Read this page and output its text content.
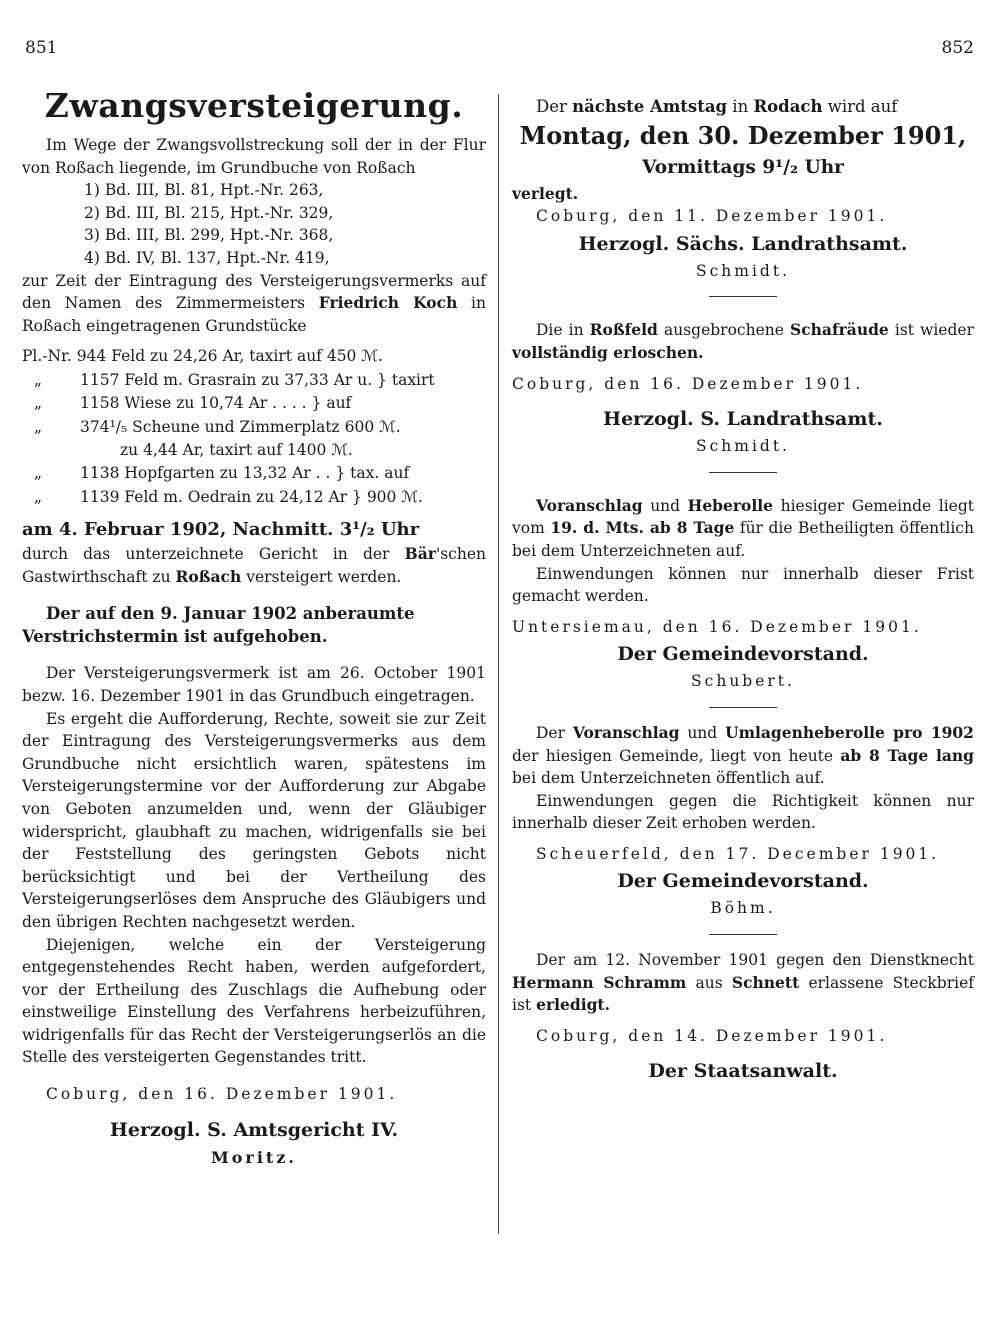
851	852
Zwangsversteigerung.

Im Wege der Zwangsvollstreckung soll der in der Flur von Roßach liegende, im Grundbuche von Roßach

1) Bd. III, Bl. 81, Hpt.-Nr. 263,

2) Bd. III, Bl. 215, Hpt.-Nr. 329,

3) Bd. III, Bl. 299, Hpt.-Nr. 368,

4) Bd. IV, Bl. 137, Hpt.-Nr. 419,

zur Zeit der Eintragung des Versteigerungsvermerks auf den Namen des Zimmermeisters Friedrich Koch in Roßach eingetragenen Grundstücke

Pl.-Nr. 944 Feld zu 24,26 Ar, taxirt auf 450 ℳ.
„	1157 Feld m. Grasrain zu 37,33 Ar u. } taxirt
„	1158 Wiese zu 10,74 Ar . . . . } auf
„	374¹/₅ Scheune und Zimmerplatz 600 ℳ.
zu 4,44 Ar, taxirt auf 1400 ℳ.
„	1138 Hopfgarten zu 13,32 Ar . . } tax. auf
„	1139 Feld m. Oedrain zu 24,12 Ar } 900 ℳ.

am 4. Februar 1902, Nachmitt. 3¹/₂ Uhr

durch das unterzeichnete Gericht in der Bär'schen Gastwirthschaft zu Roßach versteigert werden.

Der auf den 9. Januar 1902 anberaumte Verstrichstermin ist aufgehoben.

Der Versteigerungsvermerk ist am 26. October 1901 bezw. 16. Dezember 1901 in das Grundbuch eingetragen.

Es ergeht die Aufforderung, Rechte, soweit sie zur Zeit der Eintragung des Versteigerungsvermerks aus dem Grundbuche nicht ersichtlich waren, spätestens im Versteigerungstermine vor der Aufforderung zur Abgabe von Geboten anzumelden und, wenn der Gläubiger widerspricht, glaubhaft zu machen, widrigenfalls sie bei der Feststellung des geringsten Gebots nicht berücksichtigt und bei der Vertheilung des Versteigerungserlöses dem Anspruche des Gläubigers und den übrigen Rechten nachgesetzt werden.

Diejenigen, welche ein der Versteigerung entgegenstehendes Recht haben, werden aufgefordert, vor der Ertheilung des Zuschlags die Aufhebung oder einstweilige Einstellung des Verfahrens herbeizuführen, widrigenfalls für das Recht der Versteigerungserlös an die Stelle des versteigerten Gegenstandes tritt.

Coburg, den 16. Dezember 1901.

Herzogl. S. Amtsgericht IV.

Moritz.

Der nächste Amtstag in Rodach wird auf

Montag, den 30. Dezember 1901,

Vormittags 9¹/₂ Uhr

verlegt.

Coburg, den 11. Dezember 1901.

Herzogl. Sächs. Landrathsamt.

Schmidt.

Die in Roßfeld ausgebrochene Schafräude ist wieder vollständig erloschen.

Coburg, den 16. Dezember 1901.

Herzogl. S. Landrathsamt.

Schmidt.

Voranschlag und Heberolle hiesiger Gemeinde liegt vom 19. d. Mts. ab 8 Tage für die Betheiligten öffentlich bei dem Unterzeichneten auf.

Einwendungen können nur innerhalb dieser Frist gemacht werden.

Untersiemau, den 16. Dezember 1901.

Der Gemeindevorstand.

Schubert.

Der Voranschlag und Umlagenheberolle pro 1902 der hiesigen Gemeinde, liegt von heute ab 8 Tage lang bei dem Unterzeichneten öffentlich auf.

Einwendungen gegen die Richtigkeit können nur innerhalb dieser Zeit erhoben werden.

Scheuerfeld, den 17. December 1901.

Der Gemeindevorstand.

Böhm.

Der am 12. November 1901 gegen den Dienstknecht Hermann Schramm aus Schnett erlassene Steckbrief ist erledigt.

Coburg, den 14. Dezember 1901.

Der Staatsanwalt.
